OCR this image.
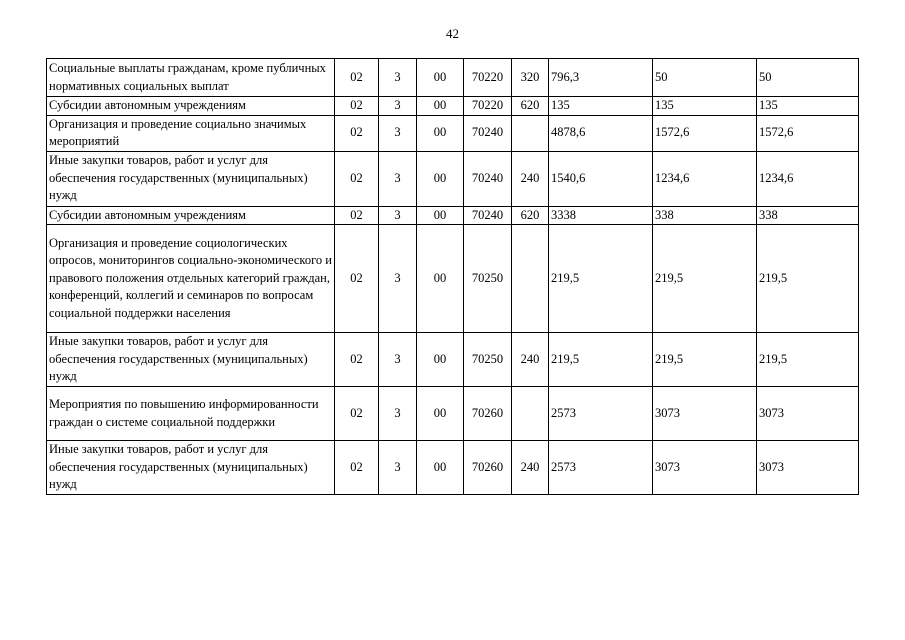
42
Социальные выплаты гражданам, кроме публичных нормативных социальных выплат	02	3	00	70220	320	796,3	50	50
Субсидии автономным учреждениям	02	3	00	70220	620	135	135	135
Организация и проведение социально значимых мероприятий	02	3	00	70240		4878,6	1572,6	1572,6
Иные закупки товаров, работ и услуг для обеспечения государственных (муниципальных) нужд	02	3	00	70240	240	1540,6	1234,6	1234,6
Субсидии автономным учреждениям	02	3	00	70240	620	3338	338	338
Организация и проведение социологических опросов, мониторингов социально-экономического и правового положения отдельных категорий граждан, конференций, коллегий и семинаров по вопросам социальной поддержки населения	02	3	00	70250		219,5	219,5	219,5
Иные закупки товаров, работ и услуг для обеспечения государственных (муниципальных) нужд	02	3	00	70250	240	219,5	219,5	219,5
Мероприятия по повышению информированности граждан о системе социальной поддержки	02	3	00	70260		2573	3073	3073
Иные закупки товаров, работ и услуг для обеспечения государственных (муниципальных) нужд	02	3	00	70260	240	2573	3073	3073
